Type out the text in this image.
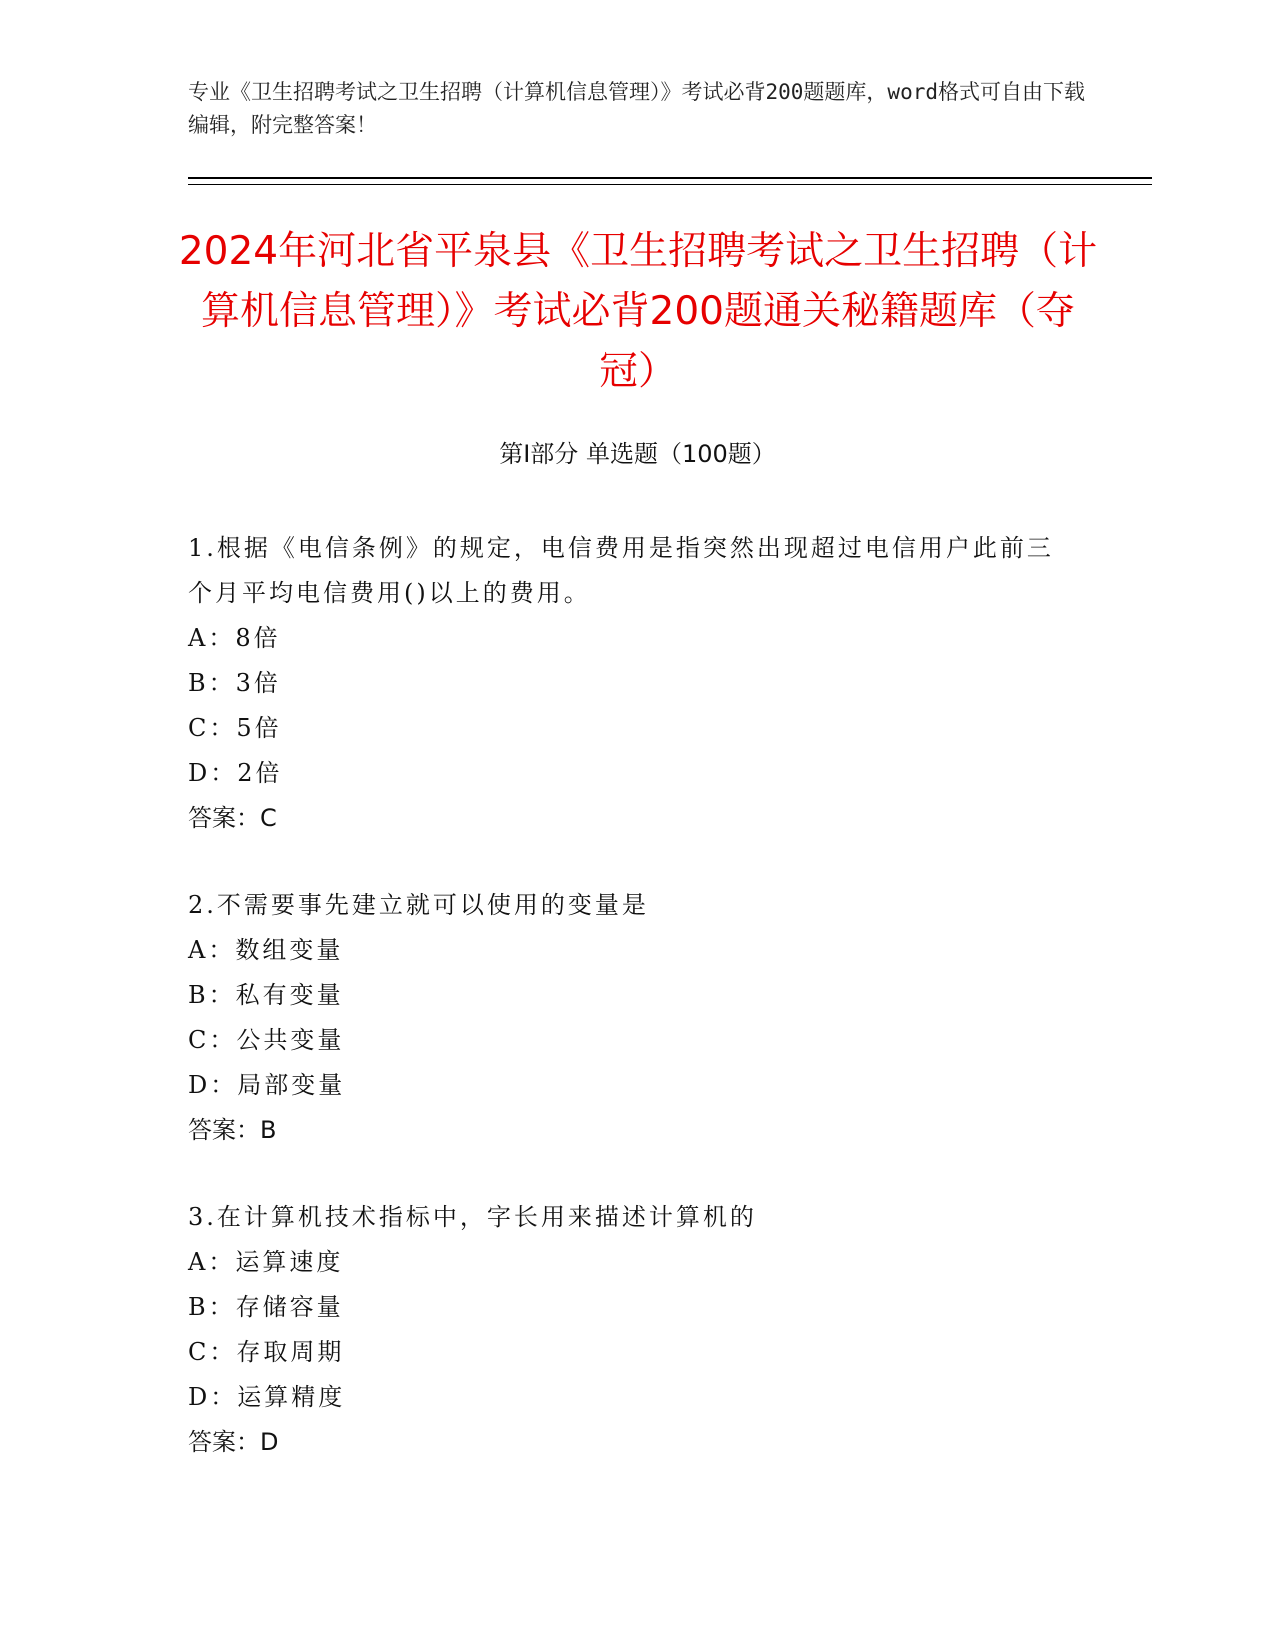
专业《卫生招聘考试之卫生招聘（计算机信息管理）》考试必背200题题库，word格式可自由下载编辑，附完整答案！
2024年河北省平泉县《卫生招聘考试之卫生招聘（计算机信息管理）》考试必背200题通关秘籍题库（夺冠）
第Ⅰ部分 单选题（100题）
1.根据《电信条例》的规定，电信费用是指突然出现超过电信用户此前三个月平均电信费用()以上的费用。
A：8倍
B：3倍
C：5倍
D：2倍
答案：C
2.不需要事先建立就可以使用的变量是
A：数组变量
B：私有变量
C：公共变量
D：局部变量
答案：B
3.在计算机技术指标中，字长用来描述计算机的
A：运算速度
B：存储容量
C：存取周期
D：运算精度
答案：D
